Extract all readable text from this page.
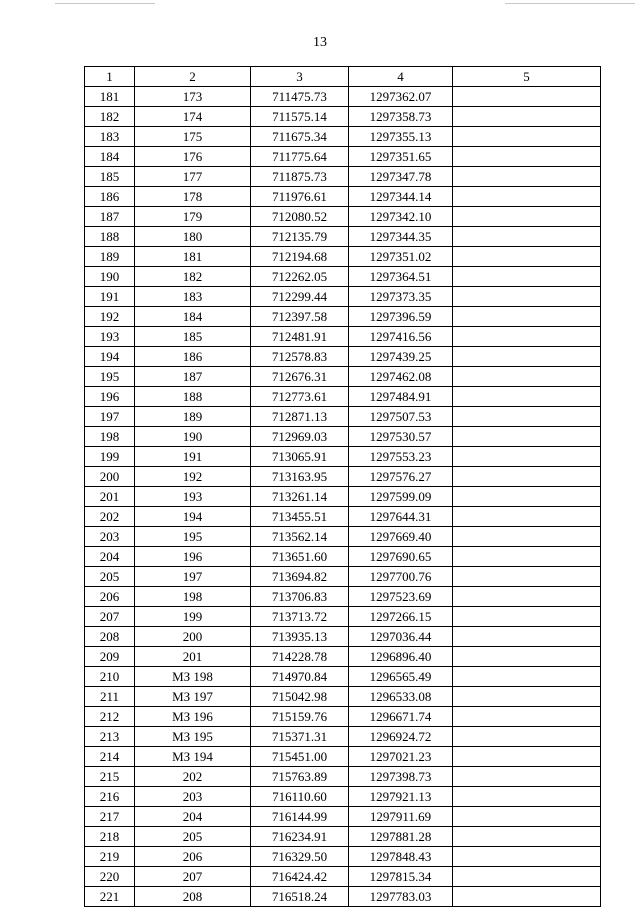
13
1	2	3	4	5
181	173	711475.73	1297362.07	
182	174	711575.14	1297358.73	
183	175	711675.34	1297355.13	
184	176	711775.64	1297351.65	
185	177	711875.73	1297347.78	
186	178	711976.61	1297344.14	
187	179	712080.52	1297342.10	
188	180	712135.79	1297344.35	
189	181	712194.68	1297351.02	
190	182	712262.05	1297364.51	
191	183	712299.44	1297373.35	
192	184	712397.58	1297396.59	
193	185	712481.91	1297416.56	
194	186	712578.83	1297439.25	
195	187	712676.31	1297462.08	
196	188	712773.61	1297484.91	
197	189	712871.13	1297507.53	
198	190	712969.03	1297530.57	
199	191	713065.91	1297553.23	
200	192	713163.95	1297576.27	
201	193	713261.14	1297599.09	
202	194	713455.51	1297644.31	
203	195	713562.14	1297669.40	
204	196	713651.60	1297690.65	
205	197	713694.82	1297700.76	
206	198	713706.83	1297523.69	
207	199	713713.72	1297266.15	
208	200	713935.13	1297036.44	
209	201	714228.78	1296896.40	
210	МЗ 198	714970.84	1296565.49	
211	МЗ 197	715042.98	1296533.08	
212	МЗ 196	715159.76	1296671.74	
213	МЗ 195	715371.31	1296924.72	
214	МЗ 194	715451.00	1297021.23	
215	202	715763.89	1297398.73	
216	203	716110.60	1297921.13	
217	204	716144.99	1297911.69	
218	205	716234.91	1297881.28	
219	206	716329.50	1297848.43	
220	207	716424.42	1297815.34	
221	208	716518.24	1297783.03	
